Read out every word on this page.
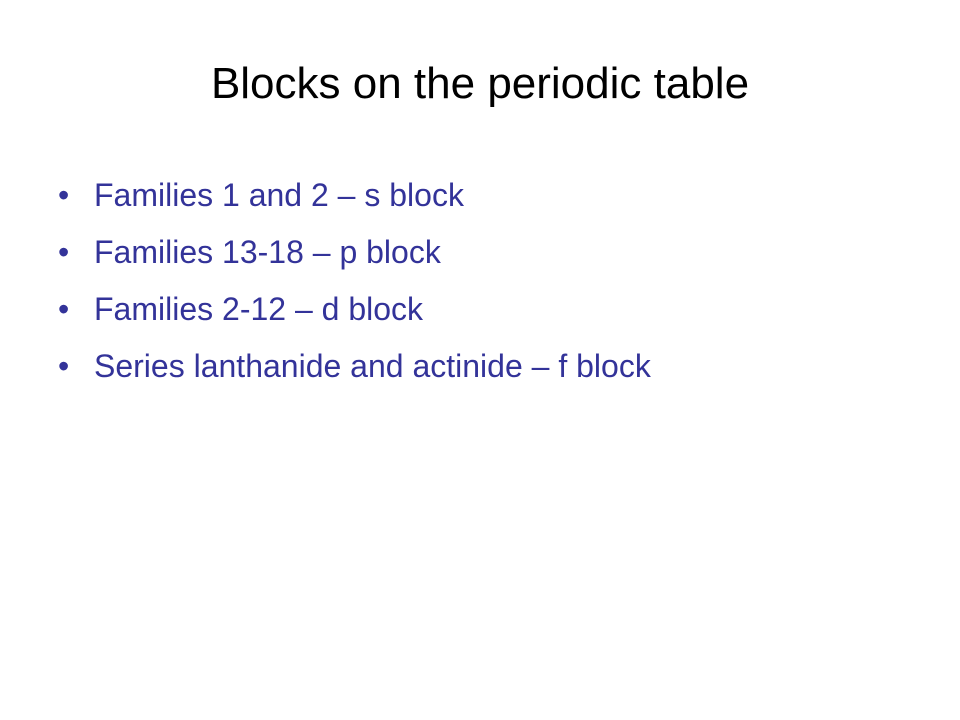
Blocks on the periodic table
• Families 1 and 2 – s block
• Families 13-18 – p block
• Families 2-12 – d block
• Series lanthanide and actinide – f block
